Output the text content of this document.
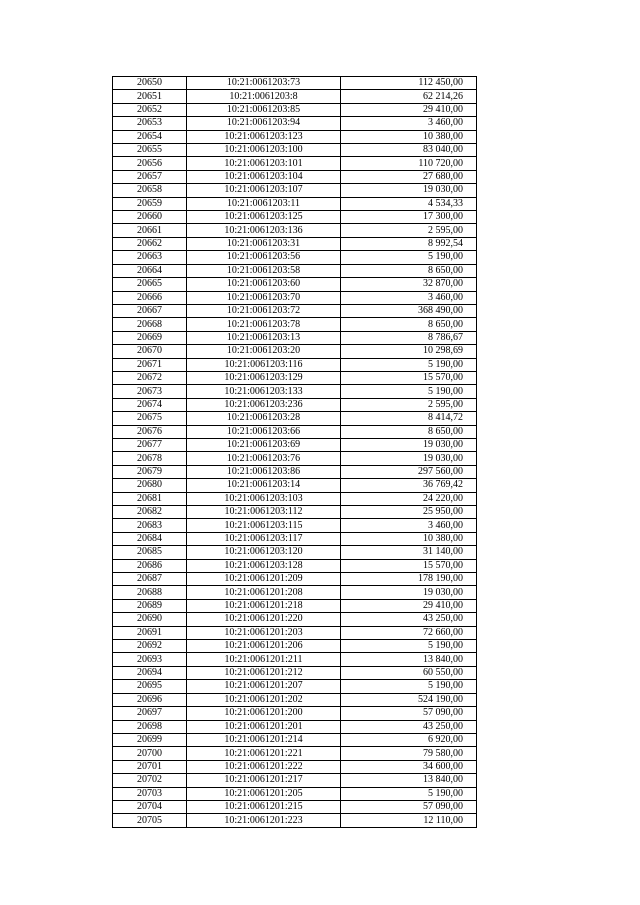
20650	10:21:0061203:73	112 450,00
20651	10:21:0061203:8	62 214,26
20652	10:21:0061203:85	29 410,00
20653	10:21:0061203:94	3 460,00
20654	10:21:0061203:123	10 380,00
20655	10:21:0061203:100	83 040,00
20656	10:21:0061203:101	110 720,00
20657	10:21:0061203:104	27 680,00
20658	10:21:0061203:107	19 030,00
20659	10:21:0061203:11	4 534,33
20660	10:21:0061203:125	17 300,00
20661	10:21:0061203:136	2 595,00
20662	10:21:0061203:31	8 992,54
20663	10:21:0061203:56	5 190,00
20664	10:21:0061203:58	8 650,00
20665	10:21:0061203:60	32 870,00
20666	10:21:0061203:70	3 460,00
20667	10:21:0061203:72	368 490,00
20668	10:21:0061203:78	8 650,00
20669	10:21:0061203:13	8 786,67
20670	10:21:0061203:20	10 298,69
20671	10:21:0061203:116	5 190,00
20672	10:21:0061203:129	15 570,00
20673	10:21:0061203:133	5 190,00
20674	10:21:0061203:236	2 595,00
20675	10:21:0061203:28	8 414,72
20676	10:21:0061203:66	8 650,00
20677	10:21:0061203:69	19 030,00
20678	10:21:0061203:76	19 030,00
20679	10:21:0061203:86	297 560,00
20680	10:21:0061203:14	36 769,42
20681	10:21:0061203:103	24 220,00
20682	10:21:0061203:112	25 950,00
20683	10:21:0061203:115	3 460,00
20684	10:21:0061203:117	10 380,00
20685	10:21:0061203:120	31 140,00
20686	10:21:0061203:128	15 570,00
20687	10:21:0061201:209	178 190,00
20688	10:21:0061201:208	19 030,00
20689	10:21:0061201:218	29 410,00
20690	10:21:0061201:220	43 250,00
20691	10:21:0061201:203	72 660,00
20692	10:21:0061201:206	5 190,00
20693	10:21:0061201:211	13 840,00
20694	10:21:0061201:212	60 550,00
20695	10:21:0061201:207	5 190,00
20696	10:21:0061201:202	524 190,00
20697	10:21:0061201:200	57 090,00
20698	10:21:0061201:201	43 250,00
20699	10:21:0061201:214	6 920,00
20700	10:21:0061201:221	79 580,00
20701	10:21:0061201:222	34 600,00
20702	10:21:0061201:217	13 840,00
20703	10:21:0061201:205	5 190,00
20704	10:21:0061201:215	57 090,00
20705	10:21:0061201:223	12 110,00
